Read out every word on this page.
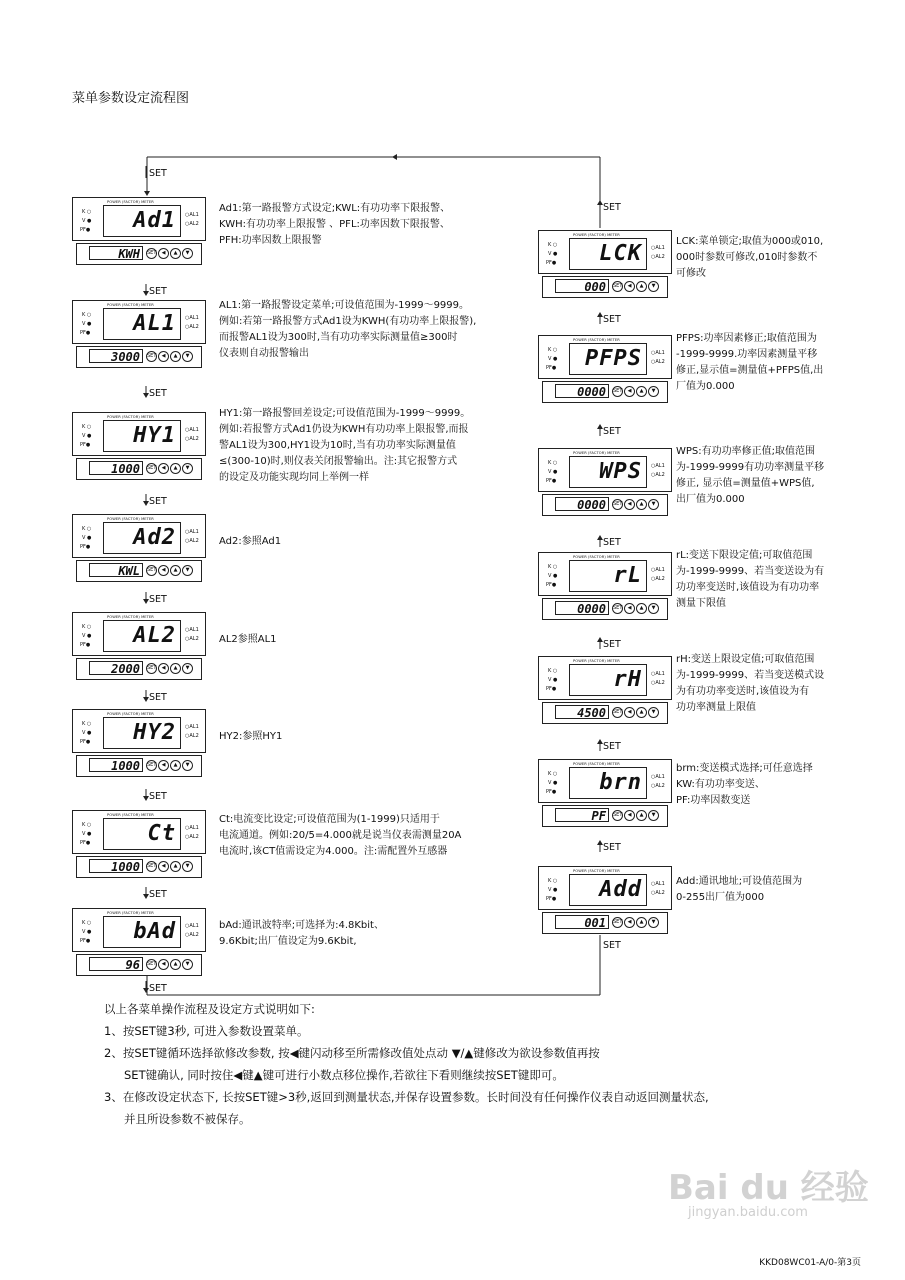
菜单参数设定流程图
SET
Ad1:第一路报警方式设定;KWL:有功功率下限报警、
KWH:有功功率上限报警 、PFL:功率因数下限报警、
PFH:功率因数上限报警
SET
AL1:第一路报警设定菜单;可设值范围为-1999～9999。
例如:若第一路报警方式Ad1设为KWH(有功功率上限报警),
而报警AL1设为300时,当有功功率实际测量值≥300时
仪表则自动报警输出
SET
HY1:第一路报警回差设定;可设值范围为-1999～9999。
例如:若报警方式Ad1仍设为KWH有功功率上限报警,而报
警AL1设为300,HY1设为10时,当有功功率实际测量值
≤(300-10)时,则仪表关闭报警输出。注:其它报警方式
的设定及功能实现均同上举例一样
SET
Ad2:参照Ad1
SET
AL2参照AL1
SET
HY2:参照HY1
SET
Ct:电流变比设定;可设值范围为(1-1999)只适用于
电流通道。例如:20/5=4.000就是说当仪表需测量20A
电流时,该CT值需设定为4.000。注:需配置外互感器
SET
bAd:通讯波特率;可选择为:4.8Kbit、
9.6Kbit;出厂值设定为9.6Kbit,
SET
LCK:菜单锁定;取值为000或010,
000时参数可修改,010时参数不
可修改
PFPS:功率因素修正;取值范围为
-1999-9999.功率因素测量平移
修正,显示值=测量值+PFPS值,出
厂值为0.000
WPS:有功功率修正值;取值范围
为-1999-9999有功功率测量平移
修正, 显示值=测量值+WPS值,
出厂值为0.000
rL:变送下限设定值;可取值范围
为-1999-9999、若当变送设为有
功功率变送时,该值设为有功功率
测量下限值
rH:变送上限设定值;可取值范围
为-1999-9999、若当变送模式设
为有功功率变送时,该值设为有
功功率测量上限值
brm:变送模式选择;可任意选择
KW:有功功率变送、
PF:功率因数变送
Add:通讯地址;可设值范围为
0-255出厂值为000
SET
SET
SET
SET
SET
SET
SET
SET
POWER (FACTOR) METER
K ○
V ●
PF●	Ad1 ○AL1
○AL2
KWH	SET ◀ ▲ ▼
POWER (FACTOR) METER
K ○
V ●
PF●	AL1 ○AL1
○AL2
3000	SET ◀ ▲ ▼
POWER (FACTOR) METER
K ○
V ●
PF●	HY1 ○AL1
○AL2
1000	SET ◀ ▲ ▼
POWER (FACTOR) METER
K ○
V ●
PF●	Ad2 ○AL1
○AL2
KWL	SET ◀ ▲ ▼
POWER (FACTOR) METER
K ○
V ●
PF●	AL2 ○AL1
○AL2
2000	SET ◀ ▲ ▼
POWER (FACTOR) METER
K ○
V ●
PF●	HY2 ○AL1
○AL2
1000	SET ◀ ▲ ▼
POWER (FACTOR) METER
K ○
V ●
PF●	Ct ○AL1
○AL2
1000	SET ◀ ▲ ▼
POWER (FACTOR) METER
K ○
V ●
PF●	bAd ○AL1
○AL2
96	SET ◀ ▲ ▼
POWER (FACTOR) METER
K ○
V ●
PF●	LCK ○AL1
○AL2
000	SET ◀ ▲ ▼
POWER (FACTOR) METER
K ○
V ●
PF●	PFPS ○AL1
○AL2
0000	SET ◀ ▲ ▼
POWER (FACTOR) METER
K ○
V ●
PF●	WPS ○AL1
○AL2
0000	SET ◀ ▲ ▼
POWER (FACTOR) METER
K ○
V ●
PF●	rL ○AL1
○AL2
0000	SET ◀ ▲ ▼
POWER (FACTOR) METER
K ○
V ●
PF●	rH ○AL1
○AL2
4500	SET ◀ ▲ ▼
POWER (FACTOR) METER
K ○
V ●
PF●	brn ○AL1
○AL2
PF	SET ◀ ▲ ▼
POWER (FACTOR) METER
K ○
V ●
PF●	Add ○AL1
○AL2
001	SET ◀ ▲ ▼
以上各菜单操作流程及设定方式说明如下:
1、按SET键3秒, 可进入参数设置菜单。
2、按SET键循环选择欲修改参数, 按◀键闪动移至所需修改值处点动 ▼/▲键修改为欲设参数值再按
SET键确认, 同时按住◀键▲键可进行小数点移位操作,若欲往下看则继续按SET键即可。
3、在修改设定状态下, 长按SET键>3秒,返回到测量状态,并保存设置参数。长时间没有任何操作仪表自动返回测量状态,
并且所设参数不被保存。
Bai du 经验
jingyan.baidu.com
KKD08WC01-A/0-第3页
